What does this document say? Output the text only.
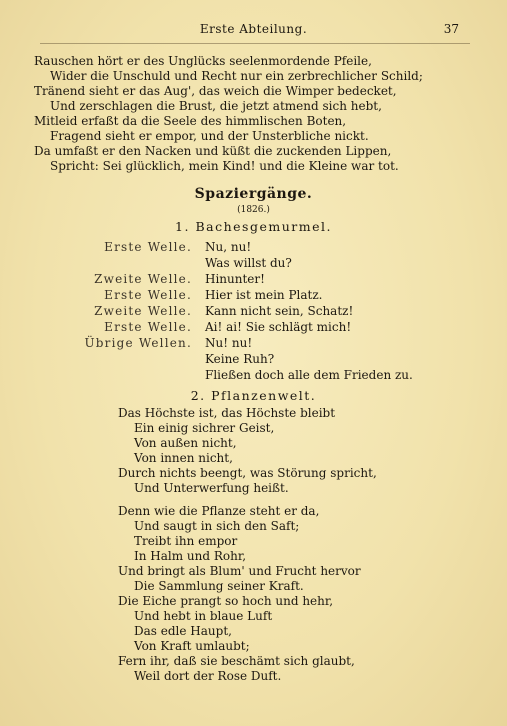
Erste Abteilung.	37
Rauschen hört er des Unglücks seelenmordende Pfeile,
Wider die Unschuld und Recht nur ein zerbrechlicher Schild;
Tränend sieht er das Aug', das weich die Wimper bedecket,
Und zerschlagen die Brust, die jetzt atmend sich hebt,
Mitleid erfaßt da die Seele des himmlischen Boten,
Fragend sieht er empor, und der Unsterbliche nickt.
Da umfaßt er den Nacken und küßt die zuckenden Lippen,
Spricht: Sei glücklich, mein Kind! und die Kleine war tot.
Spaziergänge.
(1826.)
1. Bachesgemurmel.
Erste Welle. Nu, nu!
Was willst du?
Zweite Welle. Hinunter!
Erste Welle. Hier ist mein Platz.
Zweite Welle. Kann nicht sein, Schatz!
Erste Welle. Ai! ai! Sie schlägt mich!
Übrige Wellen. Nu! nu!
Keine Ruh?
Fließen doch alle dem Frieden zu.
2. Pflanzenwelt.
Das Höchste ist, das Höchste bleibt
Ein einig sichrer Geist,
Von außen nicht,
Von innen nicht,
Durch nichts beengt, was Störung spricht,
Und Unterwerfung heißt.
Denn wie die Pflanze steht er da,
Und saugt in sich den Saft;
Treibt ihn empor
In Halm und Rohr,
Und bringt als Blum' und Frucht hervor
Die Sammlung seiner Kraft.
Die Eiche prangt so hoch und hehr,
Und hebt in blaue Luft
Das edle Haupt,
Von Kraft umlaubt;
Fern ihr, daß sie beschämt sich glaubt,
Weil dort der Rose Duft.
